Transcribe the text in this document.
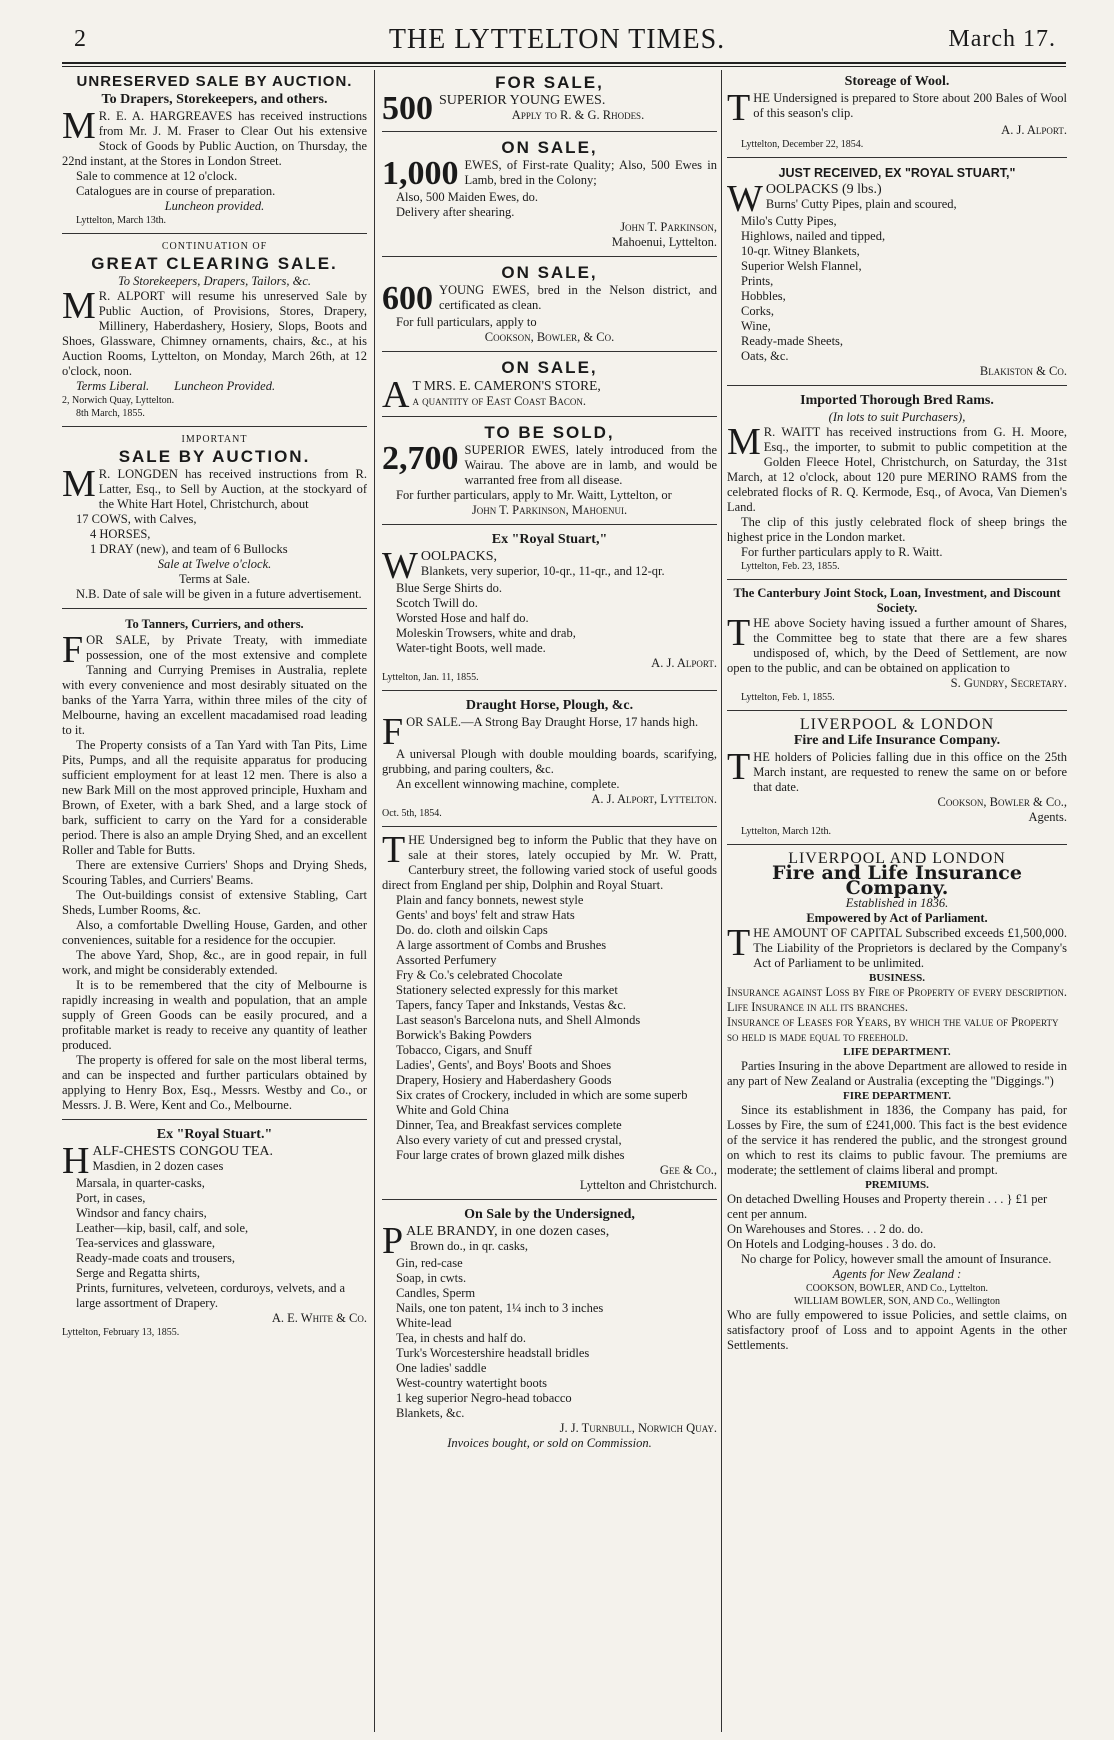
2	THE LYTTELTON TIMES.	March 17.
UNRESERVED SALE BY AUCTION.
To Drapers, Storekeepers, and others.
M R. E. A. HARGREAVES has received instructions from Mr. J. M. Fraser to Clear Out his extensive Stock of Goods by Public Auction, on Thursday, the 22nd instant, at the Stores in London Street.
Sale to commence at 12 o'clock.
Catalogues are in course of preparation.
Luncheon provided.
Lyttelton, March 13th.
CONTINUATION OF
GREAT CLEARING SALE.
To Storekeepers, Drapers, Tailors, &c.
M R. ALPORT will resume his unreserved Sale by Public Auction, of Provisions, Stores, Drapery, Millinery, Haberdashery, Hosiery, Slops, Boots and Shoes, Glassware, Chimney ornaments, chairs, &c., at his Auction Rooms, Lyttelton, on Monday, March 26th, at 12 o'clock, noon.
Terms Liberal. Luncheon Provided.
2, Norwich Quay, Lyttelton.
8th March, 1855.
IMPORTANT
SALE BY AUCTION.
M R. LONGDEN has received instructions from R. Latter, Esq., to Sell by Auction, at the stockyard of the White Hart Hotel, Christchurch, about
17 COWS, with Calves,
4 HORSES,
1 DRAY (new), and team of 6 Bullocks
Sale at Twelve o'clock.
Terms at Sale.
N.B. Date of sale will be given in a future advertisement.
To Tanners, Curriers, and others.
FOR SALE, by Private Treaty, with immediate possession, one of the most extensive and complete Tanning and Currying Premises in Australia, replete with every convenience and most desirably situated on the banks of the Yarra Yarra, within three miles of the city of Melbourne, having an excellent macadamised road leading to it.
The Property consists of a Tan Yard with Tan Pits, Lime Pits, Pumps, and all the requisite apparatus for producing sufficient employment for at least 12 men. There is also a new Bark Mill on the most approved principle, Huxham and Brown, of Exeter, with a bark Shed, and a large stock of bark, sufficient to carry on the Yard for a considerable period. There is also an ample Drying Shed, and an excellent Roller and Table for Butts.
There are extensive Curriers' Shops and Drying Sheds, Scouring Tables, and Curriers' Beams.
The Out-buildings consist of extensive Stabling, Cart Sheds, Lumber Rooms, &c.
Also, a comfortable Dwelling House, Garden, and other conveniences, suitable for a residence for the occupier.
The above Yard, Shop, &c., are in good repair, in full work, and might be considerably extended.
It is to be remembered that the city of Melbourne is rapidly increasing in wealth and population, that an ample supply of Green Goods can be easily procured, and a profitable market is ready to receive any quantity of leather produced.
The property is offered for sale on the most liberal terms, and can be inspected and further particulars obtained by applying to Henry Box, Esq., Messrs. Westby and Co., or Messrs. J. B. Were, Kent and Co., Melbourne.
Ex "Royal Stuart."
HALF-CHESTS CONGOU TEA.
Masdien, in 2 dozen cases
Marsala, in quarter-casks,
Port, in cases,
Windsor and fancy chairs,
Leather—kip, basil, calf, and sole,
Tea-services and glassware,
Ready-made coats and trousers,
Serge and Regatta shirts,
Prints, furnitures, velveteen, corduroys, velvets, and a large assortment of Drapery.
A. E. White & Co.
Lyttelton, February 13, 1855.
FOR SALE,
500 SUPERIOR YOUNG EWES.
Apply to R. & G. Rhodes.
ON SALE,
1,000 EWES, of First-rate Quality; Also, 500 Ewes in Lamb, bred in the Colony;
Also, 500 Maiden Ewes, do.
Delivery after shearing.
John T. Parkinson,
Mahoenui, Lyttelton.
ON SALE,
600 YOUNG EWES, bred in the Nelson district, and certificated as clean.
For full particulars, apply to
Cookson, Bowler, & Co.
ON SALE,
A T MRS. E. CAMERON'S STORE,
a quantity of East Coast Bacon.
TO BE SOLD,
2,700 SUPERIOR EWES, lately introduced from the Wairau. The above are in lamb, and would be warranted free from all disease.
For further particulars, apply to Mr. Waitt, Lyttelton, or
John T. Parkinson, Mahoenui.
Ex "Royal Stuart,"
WOOLPACKS,
Blankets, very superior, 10-qr., 11-qr., and 12-qr.
Blue Serge Shirts do.
Scotch Twill do.
Worsted Hose and half do.
Moleskin Trowsers, white and drab,
Water-tight Boots, well made.
A. J. Alport.
Lyttelton, Jan. 11, 1855.
Draught Horse, Plough, &c.
FOR SALE.—A Strong Bay Draught Horse, 17 hands high.
A universal Plough with double moulding boards, scarifying, grubbing, and paring coulters, &c.
An excellent winnowing machine, complete.
A. J. Alport, Lyttelton.
Oct. 5th, 1854.
THE Undersigned beg to inform the Public that they have on sale at their stores, lately occupied by Mr. W. Pratt, Canterbury street, the following varied stock of useful goods direct from England per ship, Dolphin and Royal Stuart.
Plain and fancy bonnets, newest style
Gents' and boys' felt and straw Hats
Do. do. cloth and oilskin Caps
A large assortment of Combs and Brushes
Assorted Perfumery
Fry & Co.'s celebrated Chocolate
Stationery selected expressly for this market
Tapers, fancy Taper and Inkstands, Vestas &c.
Last season's Barcelona nuts, and Shell Almonds
Borwick's Baking Powders
Tobacco, Cigars, and Snuff
Ladies', Gents', and Boys' Boots and Shoes
Drapery, Hosiery and Haberdashery Goods
Six crates of Crockery, included in which are some superb White and Gold China
Dinner, Tea, and Breakfast services complete
Also every variety of cut and pressed crystal,
Four large crates of brown glazed milk dishes
Gee & Co.,
Lyttelton and Christchurch.
On Sale by the Undersigned,
PALE BRANDY, in one dozen cases,
Brown do., in qr. casks,
Gin, red-case
Soap, in cwts.
Candles, Sperm
Nails, one ton patent, 1¼ inch to 3 inches
White-lead
Tea, in chests and half do.
Turk's Worcestershire headstall bridles
One ladies' saddle
West-country watertight boots
1 keg superior Negro-head tobacco
Blankets, &c.
J. J. Turnbull, Norwich Quay.
Invoices bought, or sold on Commission.
Storeage of Wool.
THE Undersigned is prepared to Store about 200 Bales of Wool of this season's clip.
A. J. Alport.
Lyttelton, December 22, 1854.
JUST RECEIVED, EX "ROYAL STUART,"
WOOLPACKS (9 lbs.)
Burns' Cutty Pipes, plain and scoured,
Milo's Cutty Pipes,
Highlows, nailed and tipped,
10-qr. Witney Blankets,
Superior Welsh Flannel,
Prints,
Hobbles,
Corks,
Wine,
Ready-made Sheets,
Oats, &c.
Blakiston & Co.
Imported Thorough Bred Rams.
(In lots to suit Purchasers),
M R. WAITT has received instructions from G. H. Moore, Esq., the importer, to submit to public competition at the Golden Fleece Hotel, Christchurch, on Saturday, the 31st March, at 12 o'clock, about 120 pure MERINO RAMS from the celebrated flocks of R. Q. Kermode, Esq., of Avoca, Van Diemen's Land.
The clip of this justly celebrated flock of sheep brings the highest price in the London market.
For further particulars apply to R. Waitt.
Lyttelton, Feb. 23, 1855.
The Canterbury Joint Stock, Loan, Investment, and Discount Society.
THE above Society having issued a further amount of Shares, the Committee beg to state that there are a few shares undisposed of, which, by the Deed of Settlement, are now open to the public, and can be obtained on application to
S. Gundry, Secretary.
Lyttelton, Feb. 1, 1855.
LIVERPOOL & LONDON
Fire and Life Insurance Company.
THE holders of Policies falling due in this office on the 25th March instant, are requested to renew the same on or before that date.
Cookson, Bowler & Co.,
Agents.
Lyttelton, March 12th.
LIVERPOOL AND LONDON
Fire and Life Insurance Company.
Established in 1836.
Empowered by Act of Parliament.
THE AMOUNT OF CAPITAL Subscribed exceeds £1,500,000. The Liability of the Proprietors is declared by the Company's Act of Parliament to be unlimited.
BUSINESS.
Insurance against Loss by Fire of Property of every description.
Life Insurance in all its branches.
Insurance of Leases for Years, by which the value of Property so held is made equal to freehold.
LIFE DEPARTMENT.
Parties Insuring in the above Department are allowed to reside in any part of New Zealand or Australia (excepting the "Diggings.")
FIRE DEPARTMENT.
Since its establishment in 1836, the Company has paid, for Losses by Fire, the sum of £241,000. This fact is the best evidence of the service it has rendered the public, and the strongest ground on which to rest its claims to public favour. The premiums are moderate; the settlement of claims liberal and prompt.
PREMIUMS.
On detached Dwelling Houses and Property therein . . . } £1 per cent per annum.
On Warehouses and Stores. . . 2 do. do.
On Hotels and Lodging-houses . 3 do. do.
No charge for Policy, however small the amount of Insurance.
Agents for New Zealand :
COOKSON, BOWLER, AND Co., Lyttelton.
WILLIAM BOWLER, SON, AND Co., Wellington
Who are fully empowered to issue Policies, and settle claims, on satisfactory proof of Loss and to appoint Agents in the other Settlements.
